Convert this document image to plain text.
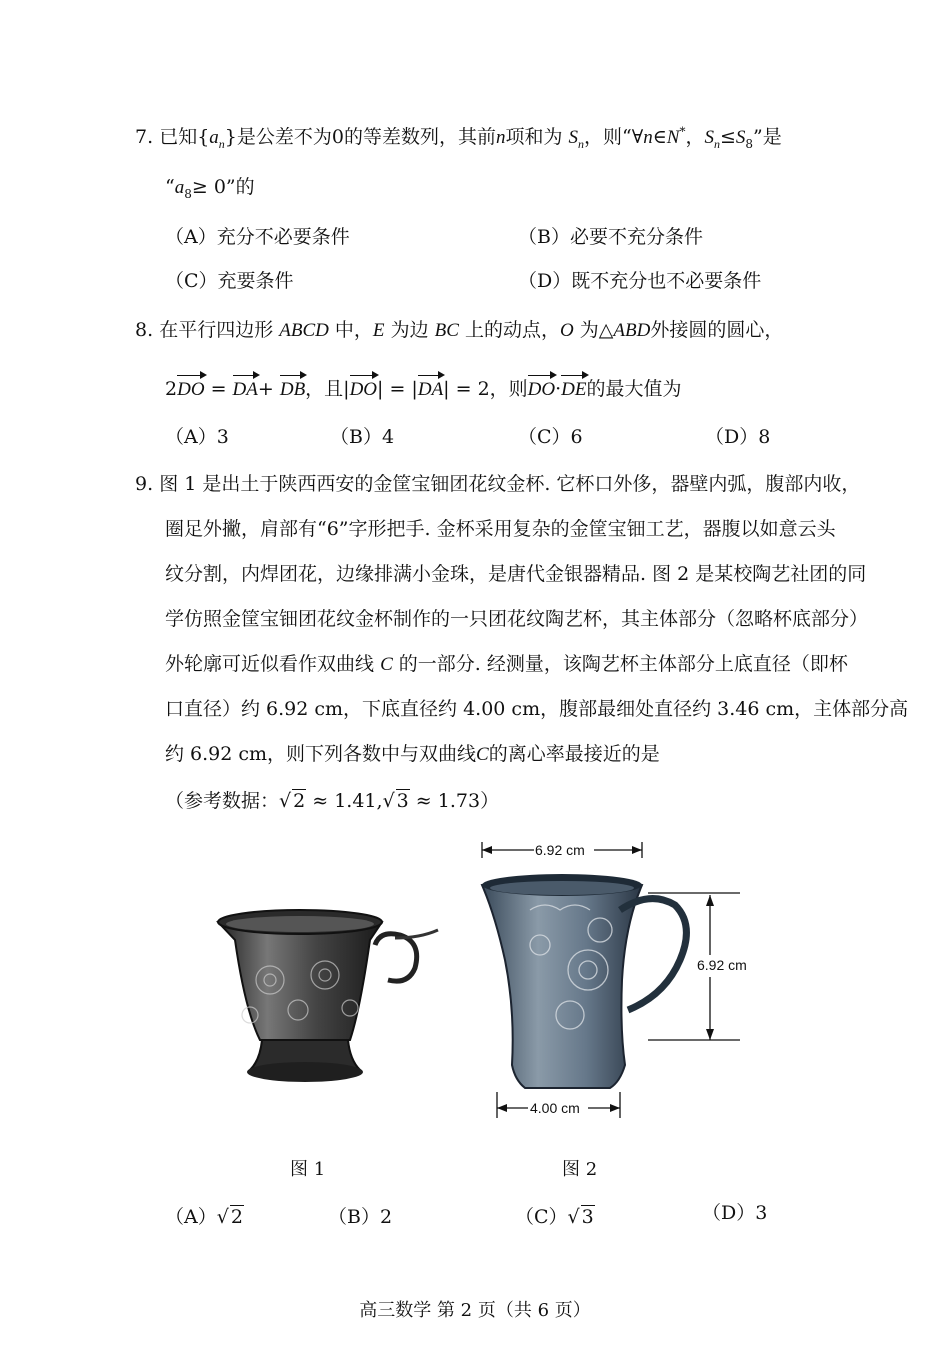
7. 已知$\{a_n\}$是公差不为0的等差数列，其前n项和为 $S_n$，则“∀n∈N*，$S_n\le S_8$”是
“$a_8\ge 0$”的
（A）充分不必要条件	（B）必要不充分条件
（C）充要条件	（D）既不充分也不必要条件
8. 在平行四边形 ABCD 中，E 为边 BC 上的动点，O 为△ABD外接圆的圆心，
2DO = DA+ DB，且|DO| = |DA| = 2，则DO·DE的最大值为
（A）3	（B）4	（C）6	（D）8
9. 图 1 是出土于陕西西安的金筐宝钿团花纹金杯. 它杯口外侈，器壁内弧，腹部内收，
圈足外撇，肩部有“6”字形把手. 金杯采用复杂的金筐宝钿工艺，器腹以如意云头
纹分割，内焊团花，边缘排满小金珠，是唐代金银器精品. 图 2 是某校陶艺社团的同
学仿照金筐宝钿团花纹金杯制作的一只团花纹陶艺杯，其主体部分（忽略杯底部分）
外轮廓可近似看作双曲线 C 的一部分. 经测量，该陶艺杯主体部分上底直径（即杯
口直径）约 6.92 cm，下底直径约 4.00 cm，腹部最细处直径约 3.46 cm，主体部分高
约 6.92 cm，则下列各数中与双曲线C的离心率最接近的是
（参考数据：√ 2 ≈ 1.41,√ 3 ≈ 1.73）
6.92 cm
6.92 cm
4.00 cm
图 1	图 2
（A）√ 2	（B）2	（C）√ 3	（D）3
高三数学 第 2 页（共 6 页）
